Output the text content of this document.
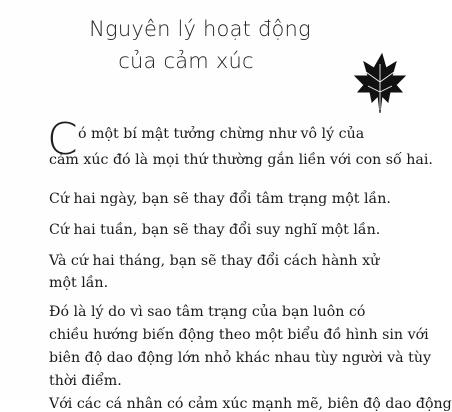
Nguyên lý hoạt động
của cảm xúc
C ó một bí mật tưởng chừng như vô lý của
cảm xúc đó là mọi thứ thường gắn liền với con số hai.
Cứ hai ngày, bạn sẽ thay đổi tâm trạng một lần.
Cứ hai tuần, bạn sẽ thay đổi suy nghĩ một lần.
Và cứ hai tháng, bạn sẽ thay đổi cách hành xử
một lần.
Đó là lý do vì sao tâm trạng của bạn luôn có
chiều hướng biến động theo một biểu đồ hình sin với
biên độ dao động lớn nhỏ khác nhau tùy người và tùy
thời điểm.
Với các cá nhân có cảm xúc mạnh mẽ, biên độ dao động
